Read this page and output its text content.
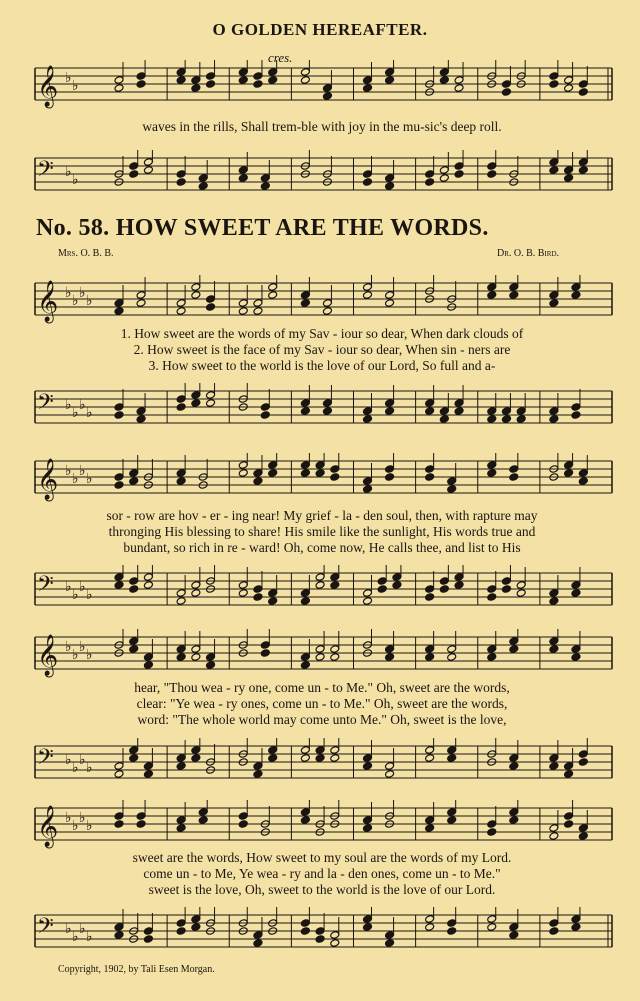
O GOLDEN HEREAFTER.
𝄞 ♭ ♭
cres.
waves in the rills, Shall trem-ble with joy in the mu-sic's deep roll.
𝄢 ♭ ♭
No. 58. HOW SWEET ARE THE WORDS.
Mrs. O. B. B.	Dr. O. B. Bird.
𝄞 ♭ ♭ ♭ ♭
1. How sweet are the words of my Sav - iour so dear, When dark clouds of
2. How sweet is the face of my Sav - iour so dear, When sin - ners are
3. How sweet to the world is the love of our Lord, So full and a-
𝄢 ♭ ♭ ♭ ♭
𝄞 ♭ ♭ ♭ ♭
sor - row are hov - er - ing near! My grief - la - den soul, then, with rapture may
thronging His blessing to share! His smile like the sunlight, His words true and
bundant, so rich in re - ward! Oh, come now, He calls thee, and list to His
𝄢 ♭ ♭ ♭ ♭
𝄞 ♭ ♭ ♭ ♭
hear, "Thou wea - ry one, come un - to Me." Oh, sweet are the words,
clear: "Ye wea - ry ones, come un - to Me." Oh, sweet are the words,
word: "The whole world may come unto Me." Oh, sweet is the love,
𝄢 ♭ ♭ ♭ ♭
𝄞 ♭ ♭ ♭ ♭
sweet are the words, How sweet to my soul are the words of my Lord.
come un - to Me, Ye wea - ry and la - den ones, come un - to Me."
sweet is the love, Oh, sweet to the world is the love of our Lord.
𝄢 ♭ ♭ ♭ ♭
Copyright, 1902, by Tali Esen Morgan.
